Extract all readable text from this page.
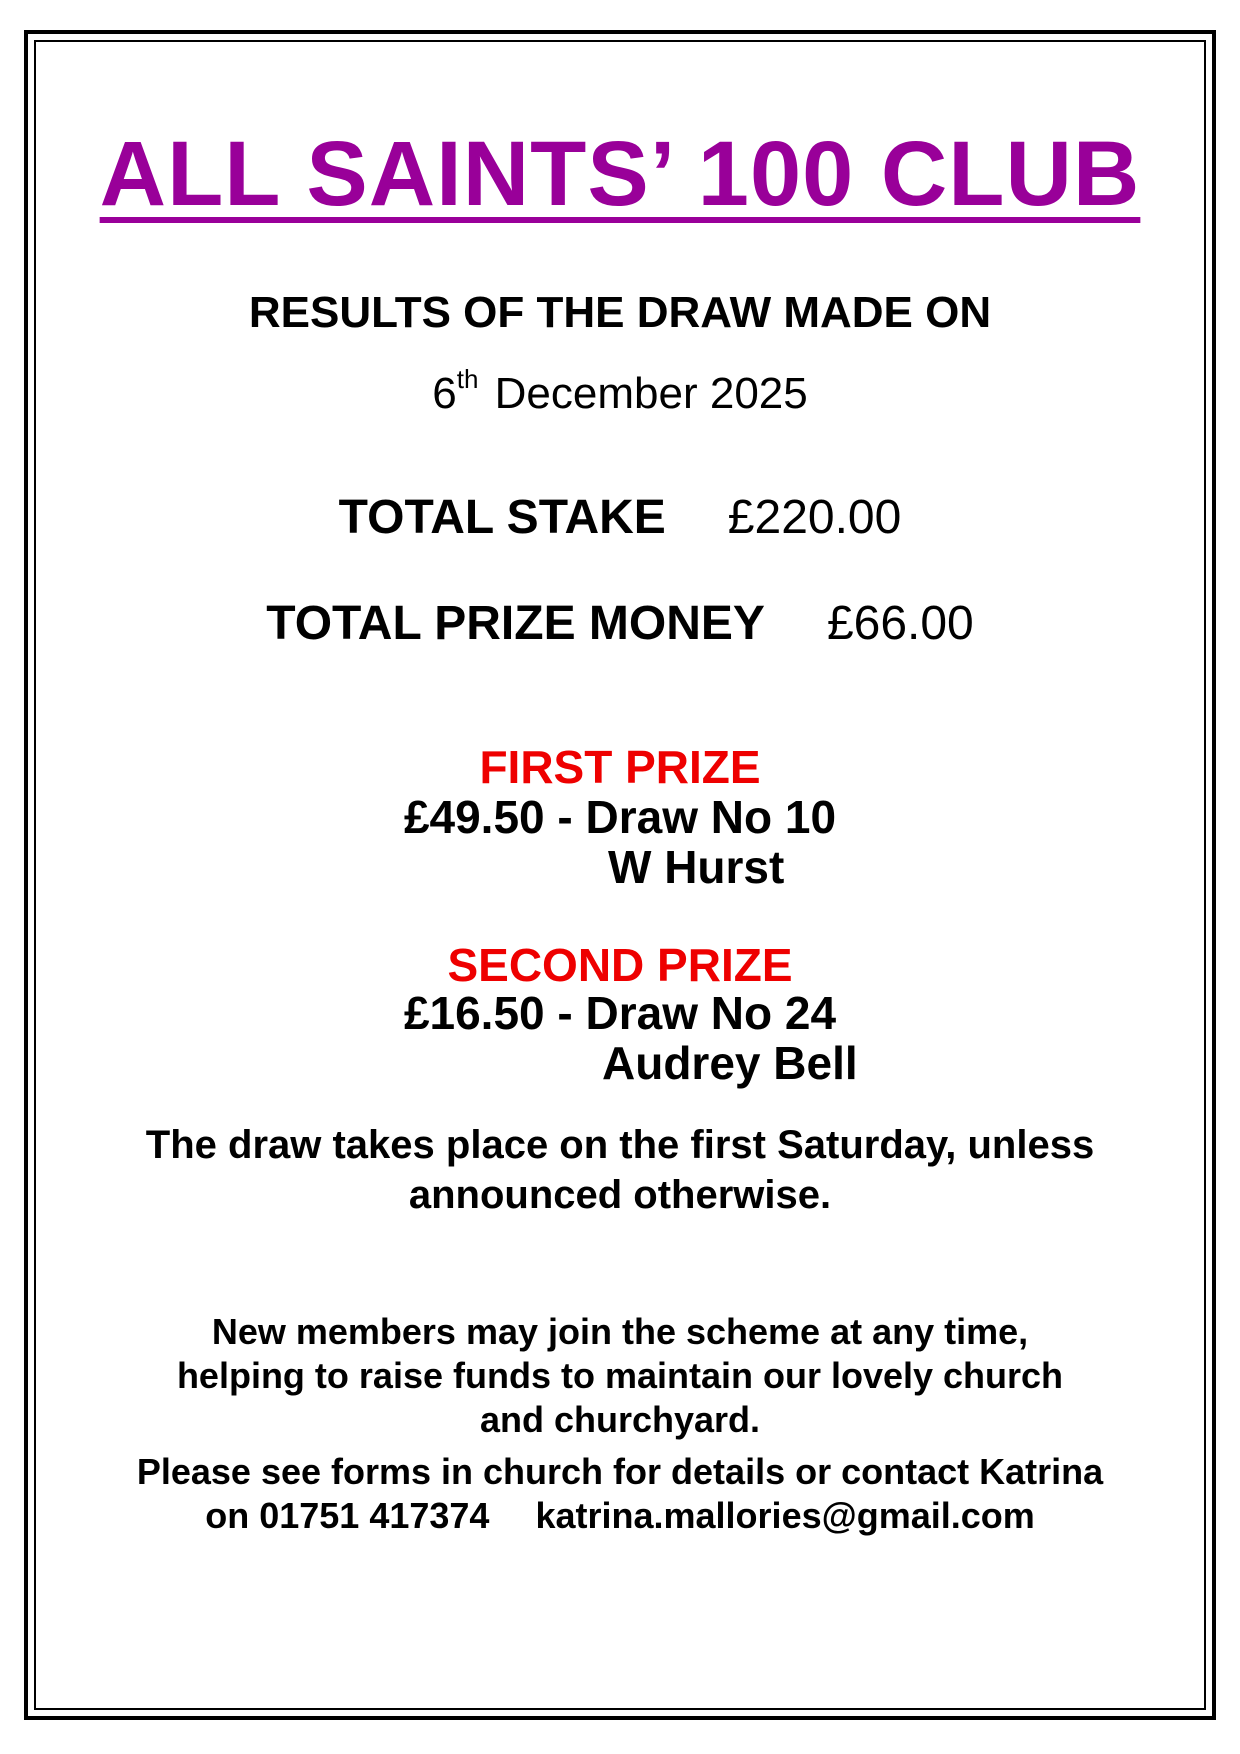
ALL SAINTS’ 100 CLUB
RESULTS OF THE DRAW MADE ON
6th December 2025
TOTAL STAKE £220.00
TOTAL PRIZE MONEY £66.00
FIRST PRIZE
£49.50 - Draw No 10
W Hurst
SECOND PRIZE
£16.50 - Draw No 24
Audrey Bell
The draw takes place on the first Saturday, unless
announced otherwise.
New members may join the scheme at any time,
helping to raise funds to maintain our lovely church
and churchyard.
Please see forms in church for details or contact Katrina
on 01751 417374 katrina.mallories@gmail.com
